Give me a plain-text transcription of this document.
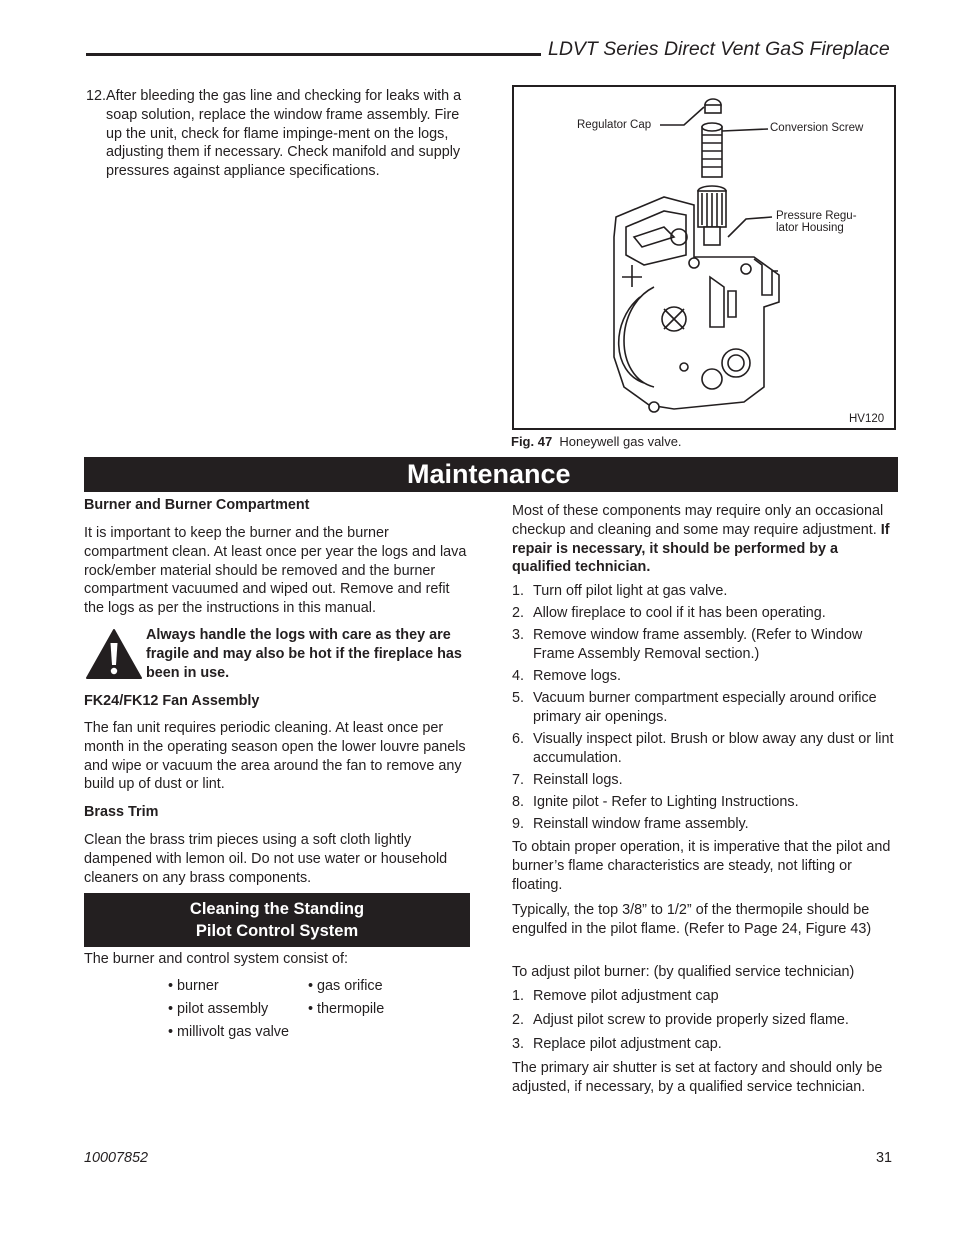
LDVT Series Direct Vent GaS Fireplace
12. After bleeding the gas line and checking for leaks with a soap solution, replace the window frame assembly. Fire up the unit, check for flame impinge-ment on the logs, adjusting them if necessary. Check manifold and supply pressures against appliance specifications.
Regulator Cap	Conversion Screw
Pressure Regu-
lator Housing
HV120
Fig. 47 Honeywell gas valve.
Maintenance
Burner and Burner Compartment
It is important to keep the burner and the burner compartment clean. At least once per year the logs and lava rock/ember material should be removed and the burner compartment vacuumed and wiped out. Remove and refit the logs as per the instructions in this manual.
Always handle the logs with care as they are fragile and may also be hot if the fireplace has been in use.
FK24/FK12 Fan Assembly
The fan unit requires periodic cleaning. At least once per month in the operating season open the lower louvre panels and wipe or vacuum the area around the fan to remove any build up of dust or lint.
Brass Trim
Clean the brass trim pieces using a soft cloth lightly dampened with lemon oil. Do not use water or household cleaners on any brass components.
Cleaning the Standing
Pilot Control System
The burner and control system consist of:
• burner	• gas orifice
• pilot assembly	• thermopile
• millivolt gas valve
Most of these components may require only an occasional checkup and cleaning and some may require adjustment. If repair is necessary, it should be performed by a qualified technician.
1. Turn off pilot light at gas valve.
2. Allow fireplace to cool if it has been operating.
3. Remove window frame assembly. (Refer to Window Frame Assembly Removal section.)
4. Remove logs.
5. Vacuum burner compartment especially around orifice primary air openings.
6. Visually inspect pilot. Brush or blow away any dust or lint accumulation.
7. Reinstall logs.
8. Ignite pilot - Refer to Lighting Instructions.
9. Reinstall window frame assembly.
To obtain proper operation, it is imperative that the pilot and burner’s flame characteristics are steady, not lifting or floating.
Typically, the top 3/8” to 1/2” of the thermopile should be engulfed in the pilot flame. (Refer to Page 24, Figure 43)
To adjust pilot burner: (by qualified service technician)
1. Remove pilot adjustment cap
2. Adjust pilot screw to provide properly sized flame.
3. Replace pilot adjustment cap.
The primary air shutter is set at factory and should only be adjusted, if necessary, by a qualified service technician.
10007852	31
